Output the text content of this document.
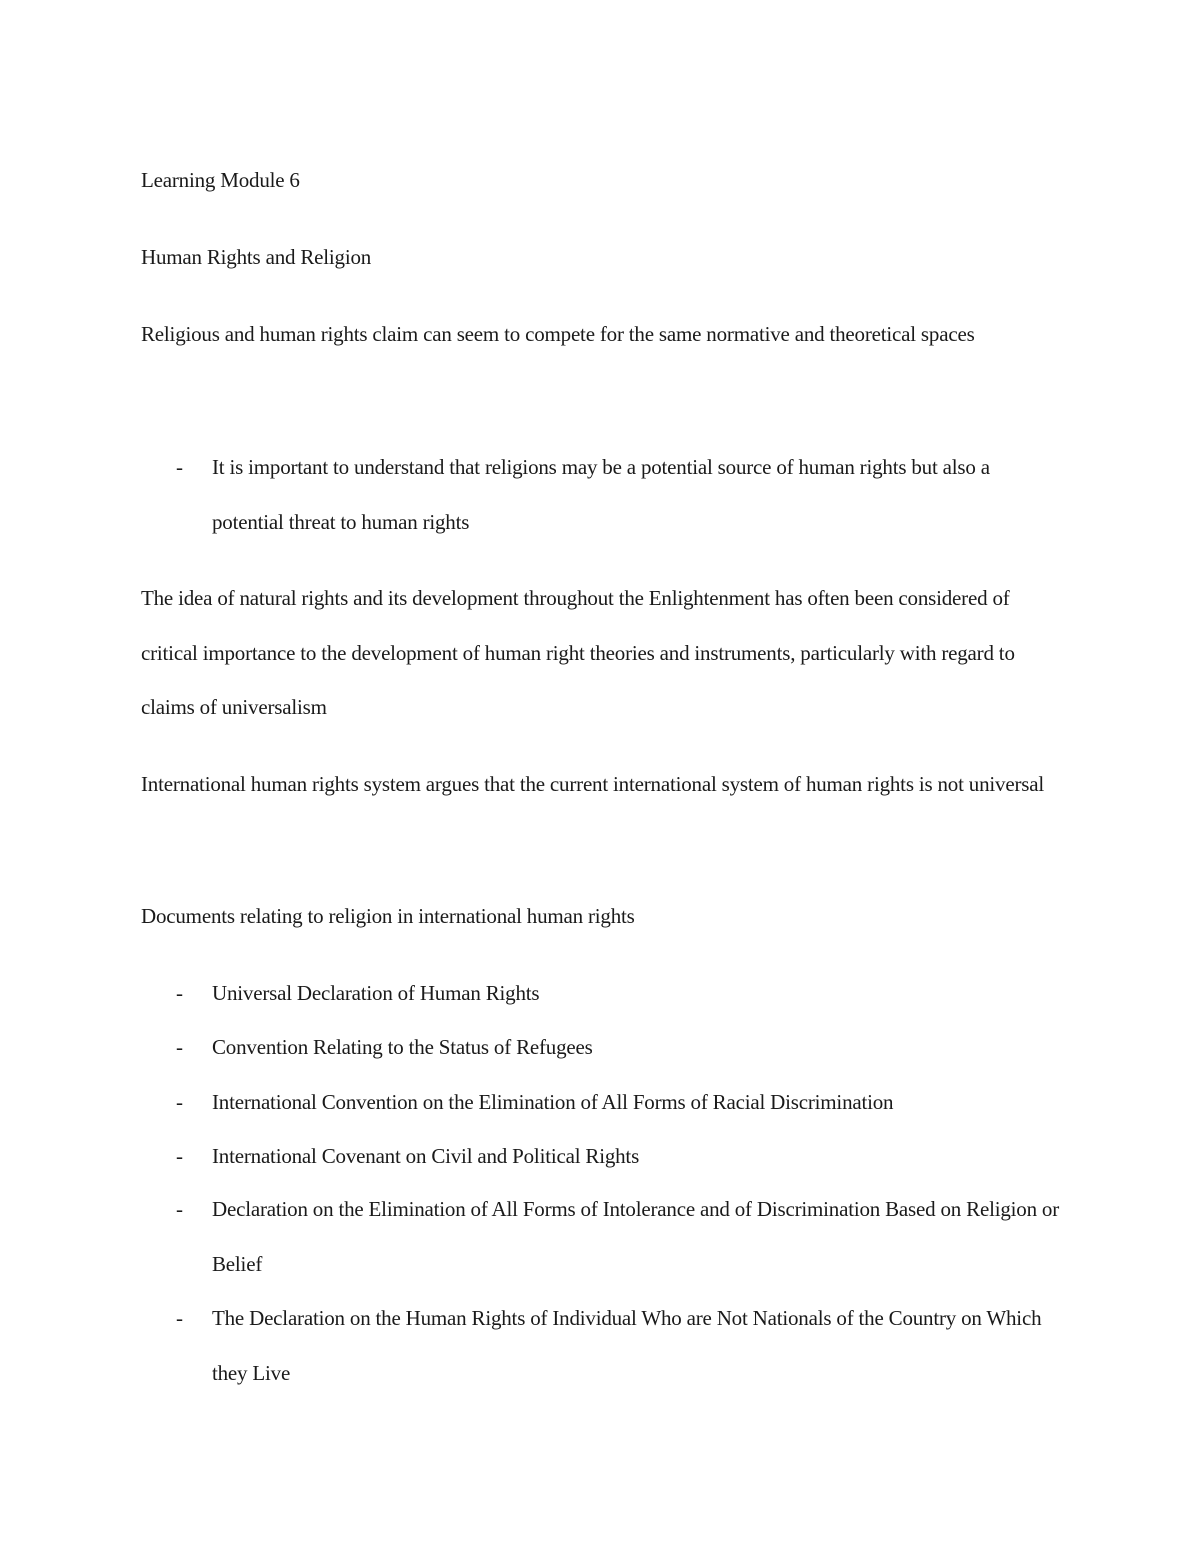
Learning Module 6
Human Rights and Religion

Religious and human rights claim can seem to compete for the same normative and theoretical spaces

- It is important to understand that religions may be a potential source of human rights but also a potential threat to human rights

The idea of natural rights and its development throughout the Enlightenment has often been considered of critical importance to the development of human right theories and instruments, particularly with regard to claims of universalism

International human rights system argues that the current international system of human rights is not universal

Documents relating to religion in international human rights
- Universal Declaration of Human Rights
- Convention Relating to the Status of Refugees
- International Convention on the Elimination of All Forms of Racial Discrimination
- International Covenant on Civil and Political Rights
- Declaration on the Elimination of All Forms of Intolerance and of Discrimination Based on Religion or Belief
- The Declaration on the Human Rights of Individual Who are Not Nationals of the Country on Which they Live
